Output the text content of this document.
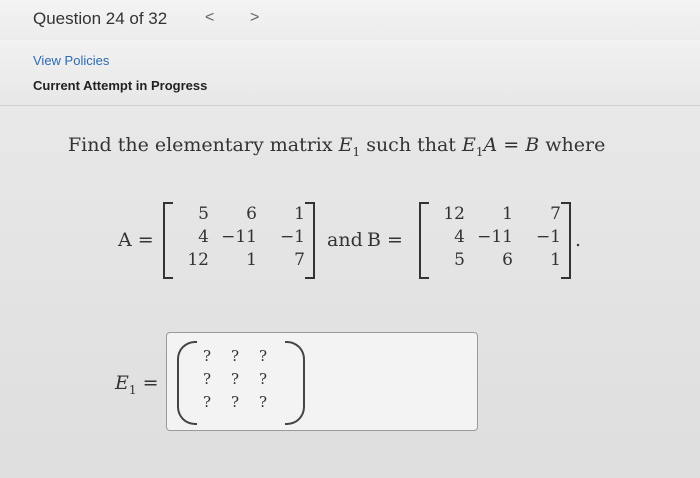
Question 24 of 32 < >
View Policies
Current Attempt in Progress
Find the elementary matrix $E_1$ such that $E_1A = B$ where
A =
5	6	1
4 −11	−1
12	1	7
and B =
12	1	7
4 −11	−1
5	6	1
.
$E_1$ =
? ? ?
? ? ?
? ? ?
